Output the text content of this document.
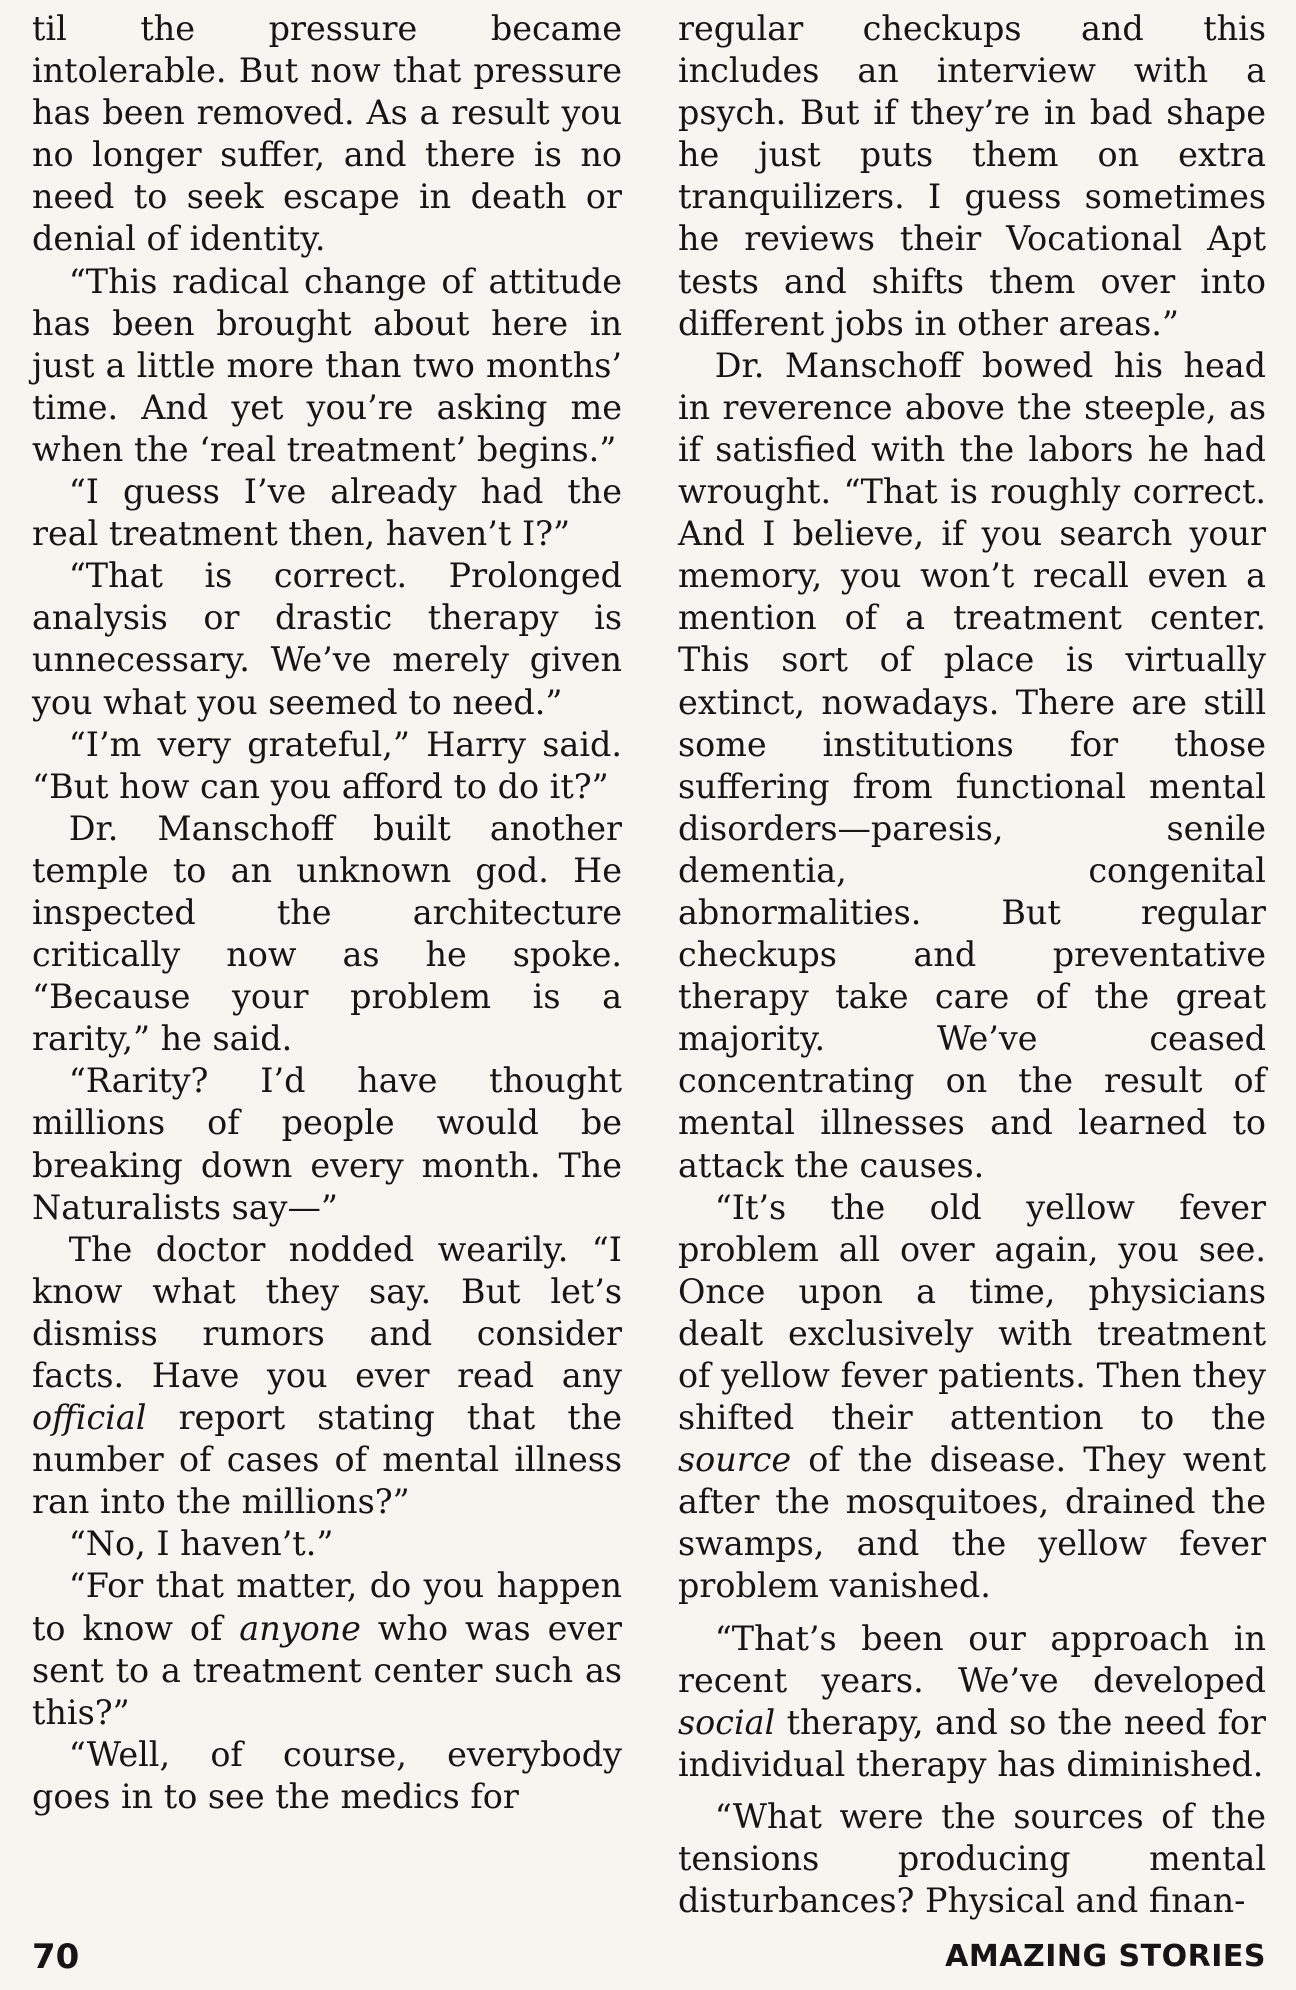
til the pressure became intolerable. But now that pressure has been removed. As a result you no longer suffer, and there is no need to seek escape in death or denial of identity.

“This radical change of attitude has been brought about here in just a little more than two months’ time. And yet you’re asking me when the ‘real treatment’ begins.”

“I guess I’ve already had the real treatment then, haven’t I?”

“That is correct. Prolonged analysis or drastic therapy is unnecessary. We’ve merely given you what you seemed to need.”

“I’m very grateful,” Harry said. “But how can you afford to do it?”

Dr. Manschoff built another temple to an unknown god. He inspected the architecture critically now as he spoke. “Because your problem is a rarity,” he said.

“Rarity? I’d have thought millions of people would be breaking down every month. The Naturalists say—”

The doctor nodded wearily. “I know what they say. But let’s dismiss rumors and consider facts. Have you ever read any official report stating that the number of cases of mental illness ran into the millions?”

“No, I haven’t.”

“For that matter, do you happen to know of anyone who was ever sent to a treatment center such as this?”

“Well, of course, everybody goes in to see the medics for

regular checkups and this includes an interview with a psych. But if they’re in bad shape he just puts them on extra tranquilizers. I guess sometimes he reviews their Vocational Apt tests and shifts them over into different jobs in other areas.”

Dr. Manschoff bowed his head in reverence above the steeple, as if satisfied with the labors he had wrought. “That is roughly correct. And I believe, if you search your memory, you won’t recall even a mention of a treatment center. This sort of place is virtually extinct, nowadays. There are still some institutions for those suffering from functional mental disorders—paresis, senile dementia, congenital abnormalities. But regular checkups and preventative therapy take care of the great majority. We’ve ceased concentrating on the result of mental illnesses and learned to attack the causes.

“It’s the old yellow fever problem all over again, you see. Once upon a time, physicians dealt exclusively with treatment of yellow fever patients. Then they shifted their attention to the source of the disease. They went after the mosquitoes, drained the swamps, and the yellow fever problem vanished.

“That’s been our approach in recent years. We’ve developed social therapy, and so the need for individual therapy has diminished.

“What were the sources of the tensions producing mental disturbances? Physical and finan-

70	AMAZING STORIES
